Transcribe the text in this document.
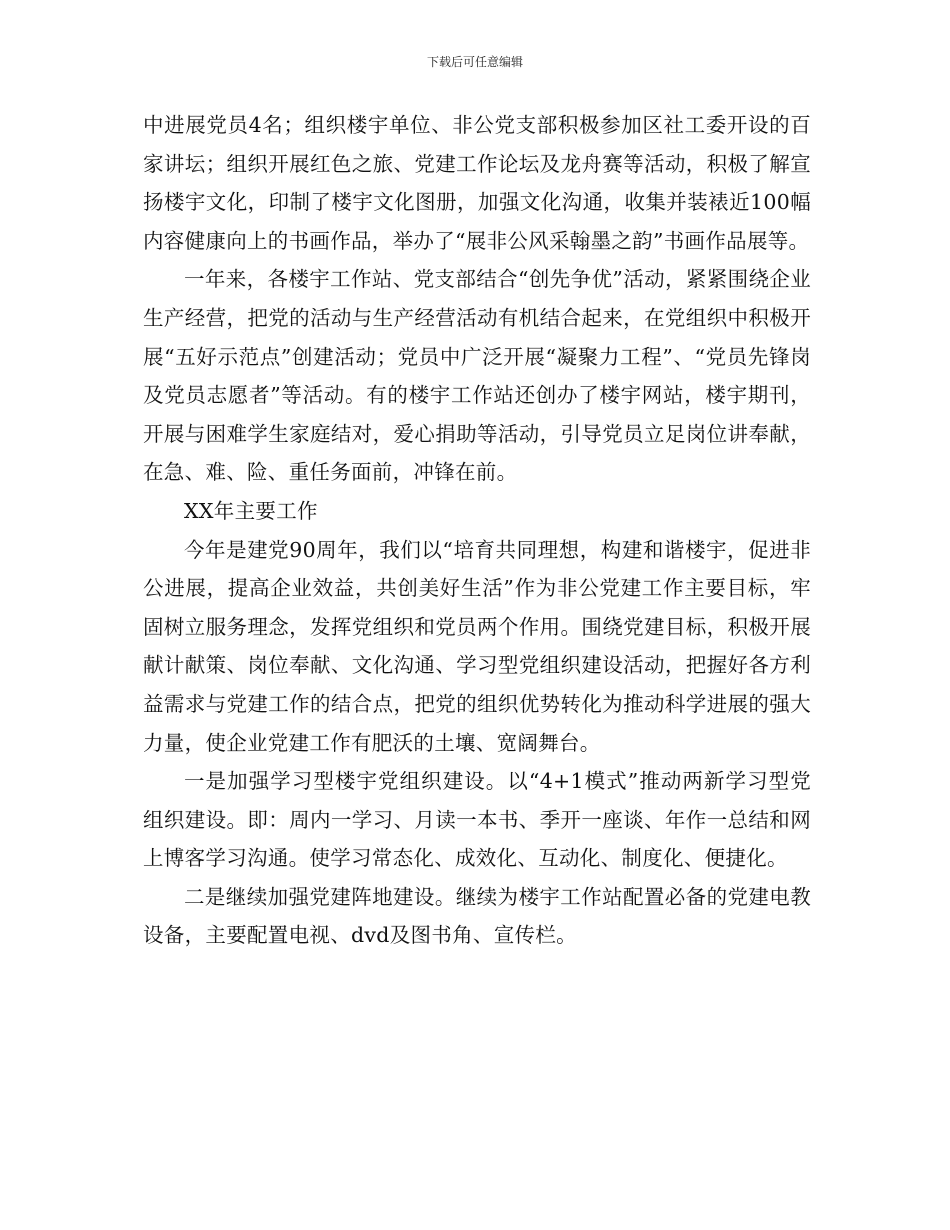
下载后可任意编辑

中进展党员4名；组织楼宇单位、非公党支部积极参加区社工委开设的百家讲坛；组织开展红色之旅、党建工作论坛及龙舟赛等活动，积极了解宣扬楼宇文化，印制了楼宇文化图册，加强文化沟通，收集并装裱近100幅内容健康向上的书画作品，举办了“展非公风采翰墨之韵”书画作品展等。

一年来，各楼宇工作站、党支部结合“创先争优”活动，紧紧围绕企业生产经营，把党的活动与生产经营活动有机结合起来，在党组织中积极开展“五好示范点”创建活动；党员中广泛开展“凝聚力工程”、“党员先锋岗及党员志愿者”等活动。有的楼宇工作站还创办了楼宇网站，楼宇期刊，开展与困难学生家庭结对，爱心捐助等活动，引导党员立足岗位讲奉献，在急、难、险、重任务面前，冲锋在前。

XX年主要工作

今年是建党90周年，我们以“培育共同理想，构建和谐楼宇，促进非公进展，提高企业效益，共创美好生活”作为非公党建工作主要目标，牢固树立服务理念，发挥党组织和党员两个作用。围绕党建目标，积极开展献计献策、岗位奉献、文化沟通、学习型党组织建设活动，把握好各方利益需求与党建工作的结合点，把党的组织优势转化为推动科学进展的强大力量，使企业党建工作有肥沃的土壤、宽阔舞台。

一是加强学习型楼宇党组织建设。以“4+1模式”推动两新学习型党组织建设。即：周内一学习、月读一本书、季开一座谈、年作一总结和网上博客学习沟通。使学习常态化、成效化、互动化、制度化、便捷化。

二是继续加强党建阵地建设。继续为楼宇工作站配置必备的党建电教设备，主要配置电视、dvd及图书角、宣传栏。
